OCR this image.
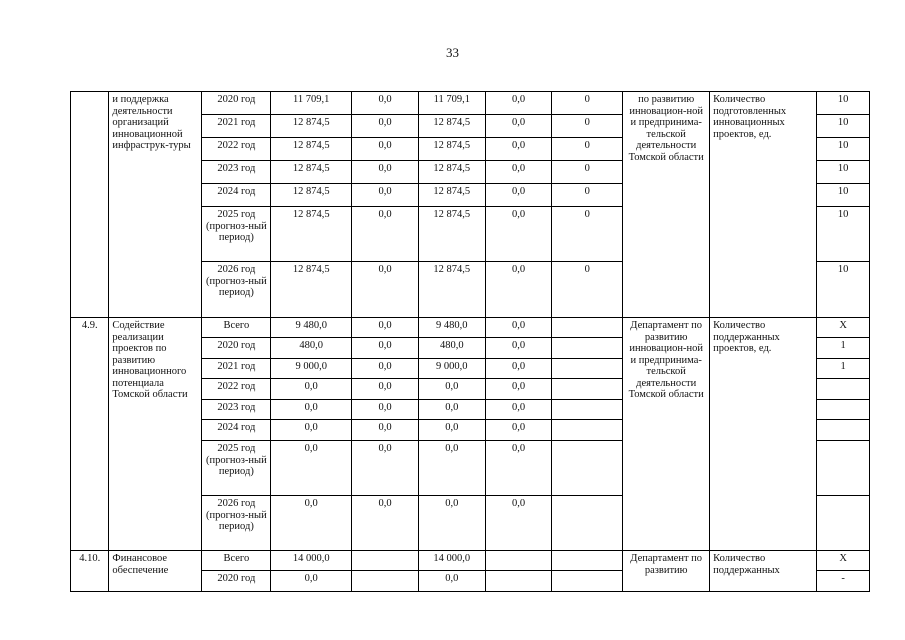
33
	и поддержка деятельности организаций инновационной инфраструк-туры	2020 год	11 709,1	0,0	11 709,1	0,0	0	по развитию инновацион-ной и предпринима-тельской деятельности Томской области	Количество подготовленных инновационных проектов, ед.	10
		2021 год	12 874,5	0,0	12 874,5	0,0	0			10
		2022 год	12 874,5	0,0	12 874,5	0,0	0			10
		2023 год	12 874,5	0,0	12 874,5	0,0	0			10
		2024 год	12 874,5	0,0	12 874,5	0,0	0			10
		2025 год (прогноз-ный период)	12 874,5	0,0	12 874,5	0,0	0			10
		2026 год (прогноз-ный период)	12 874,5	0,0	12 874,5	0,0	0			10
4.9.	Содействие реализации проектов по развитию инновационного потенциала Томской области	Всего	9 480,0	0,0	9 480,0	0,0		Департамент по развитию инновацион-ной и предпринима-тельской деятельности Томской области	Количество поддержанных проектов, ед.	X
		2020 год	480,0	0,0	480,0	0,0				1
		2021 год	9 000,0	0,0	9 000,0	0,0				1
		2022 год	0,0	0,0	0,0	0,0				
		2023 год	0,0	0,0	0,0	0,0				
		2024 год	0,0	0,0	0,0	0,0				
		2025 год (прогноз-ный период)	0,0	0,0	0,0	0,0				
		2026 год (прогноз-ный период)	0,0	0,0	0,0	0,0				
4.10.	Финансовое обеспечение	Всего	14 000,0		14 000,0			Департамент по развитию	Количество поддержанных	X
		2020 год	0,0		0,0					-
